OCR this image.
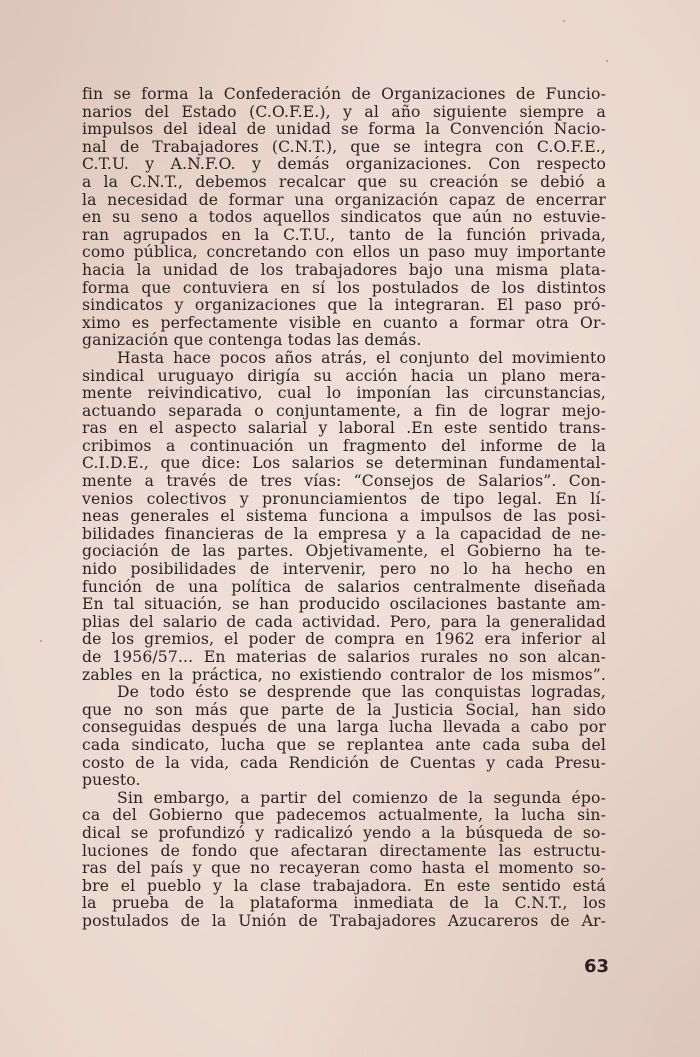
fin se forma la Confederación de Organizaciones de Funcio-
narios del Estado (C.O.F.E.), y al año siguiente siempre a
impulsos del ideal de unidad se forma la Convención Nacio-
nal de Trabajadores (C.N.T.), que se integra con C.O.F.E.,
C.T.U. y A.N.F.O. y demás organizaciones. Con respecto
a la C.N.T., debemos recalcar que su creación se debió a
la necesidad de formar una organización capaz de encerrar
en su seno a todos aquellos sindicatos que aún no estuvie-
ran agrupados en la C.T.U., tanto de la función privada,
como pública, concretando con ellos un paso muy importante
hacia la unidad de los trabajadores bajo una misma plata-
forma que contuviera en sí los postulados de los distintos
sindicatos y organizaciones que la integraran. El paso pró-
ximo es perfectamente visible en cuanto a formar otra Or-
ganización que contenga todas las demás.

Hasta hace pocos años atrás, el conjunto del movimiento
sindical uruguayo dirigía su acción hacia un plano mera-
mente reivindicativo, cual lo imponían las circunstancias,
actuando separada o conjuntamente, a fin de lograr mejo-
ras en el aspecto salarial y laboral .En este sentido trans-
cribimos a continuación un fragmento del informe de la
C.I.D.E., que dice: Los salarios se determinan fundamental-
mente a través de tres vías: “Consejos de Salarios”. Con-
venios colectivos y pronunciamientos de tipo legal. En lí-
neas generales el sistema funciona a impulsos de las posi-
bilidades financieras de la empresa y a la capacidad de ne-
gociación de las partes. Objetivamente, el Gobierno ha te-
nido posibilidades de intervenir, pero no lo ha hecho en
función de una política de salarios centralmente diseñada
En tal situación, se han producido oscilaciones bastante am-
plias del salario de cada actividad. Pero, para la generalidad
de los gremios, el poder de compra en 1962 era inferior al
de 1956/57... En materias de salarios rurales no son alcan-
zables en la práctica, no existiendo contralor de los mismos”.

De todo ésto se desprende que las conquistas logradas,
que no son más que parte de la Justicia Social, han sido
conseguidas después de una larga lucha llevada a cabo por
cada sindicato, lucha que se replantea ante cada suba del
costo de la vida, cada Rendición de Cuentas y cada Presu-
puesto.

Sin embargo, a partir del comienzo de la segunda épo-
ca del Gobierno que padecemos actualmente, la lucha sin-
dical se profundizó y radicalizó yendo a la búsqueda de so-
luciones de fondo que afectaran directamente las estructu-
ras del país y que no recayeran como hasta el momento so-
bre el pueblo y la clase trabajadora. En este sentido está
la prueba de la plataforma inmediata de la C.N.T., los
postulados de la Unión de Trabajadores Azucareros de Ar-

63
